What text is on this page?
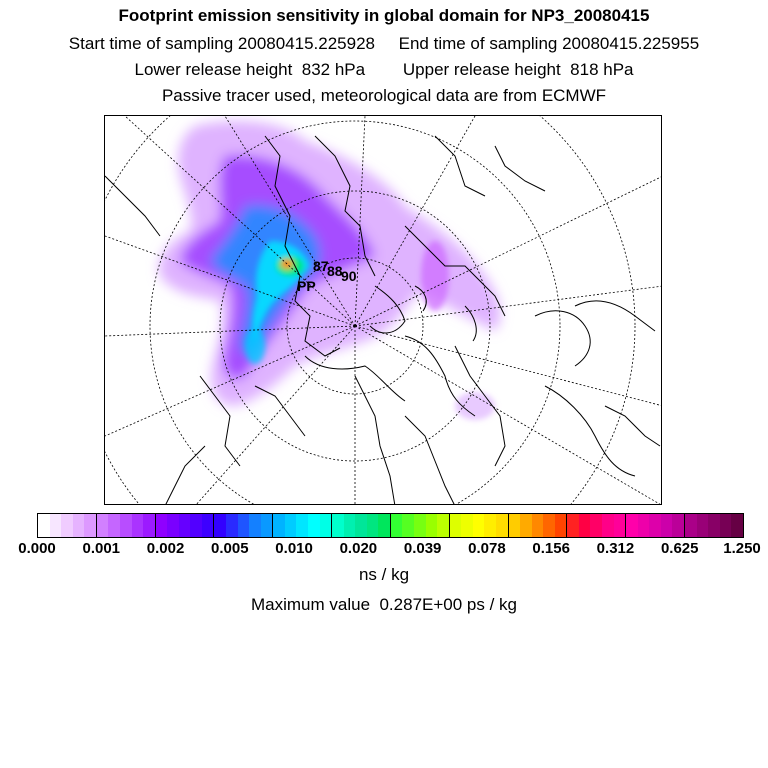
Footprint emission sensitivity in global domain for NP3_20080415
Start time of sampling 20080415.225928     End time of sampling 20080415.225955
Lower release height  832 hPa        Upper release height  818 hPa
Passive tracer used, meteorological data are from ECMWF
87
88
90
PP
0.000 0.001 0.002 0.005 0.010 0.020 0.039 0.078 0.156 0.312 0.625 1.250
ns / kg
Maximum value  0.287E+00 ps / kg
